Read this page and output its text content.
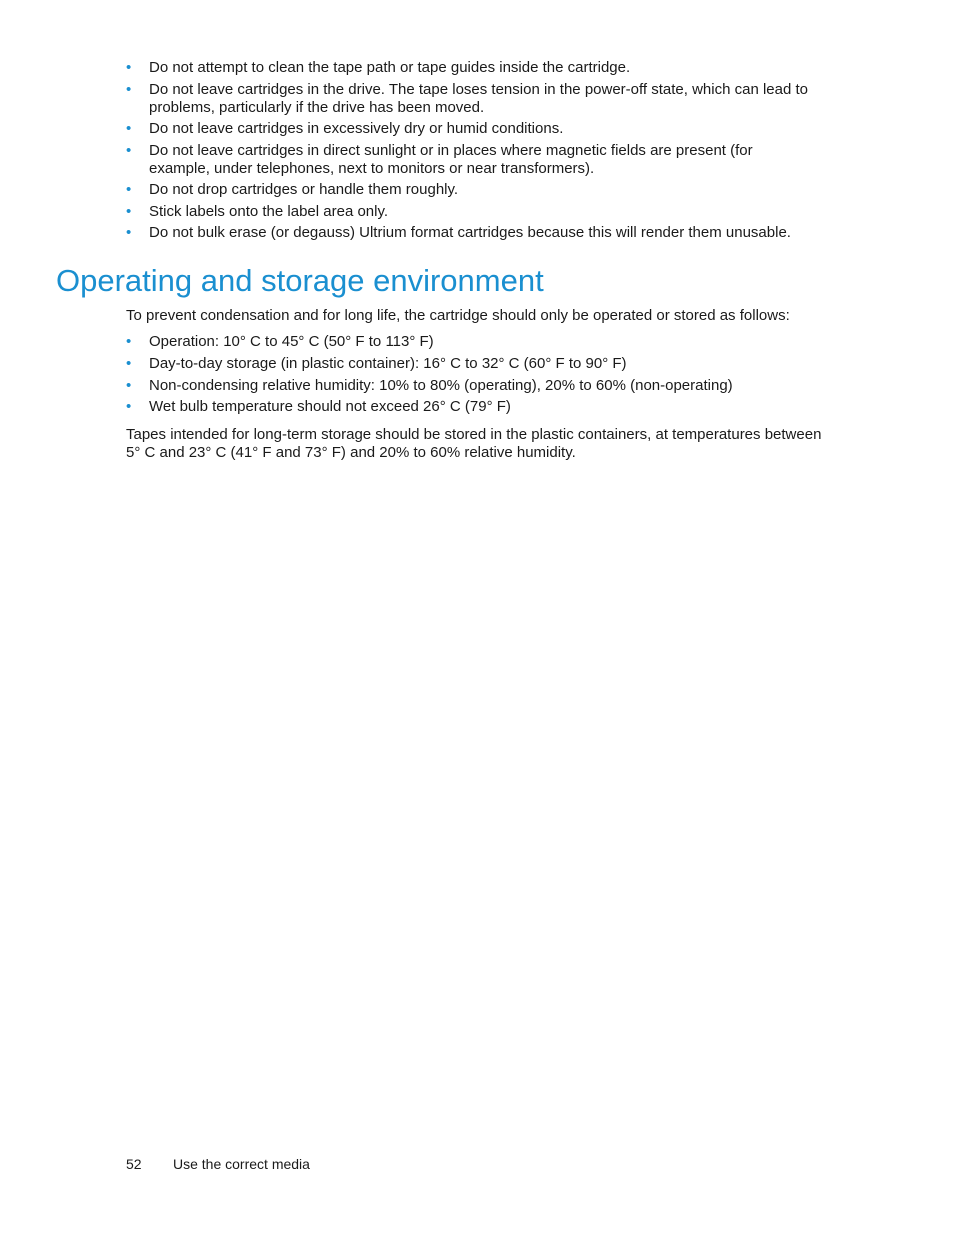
• Do not attempt to clean the tape path or tape guides inside the cartridge.
• Do not leave cartridges in the drive. The tape loses tension in the power-off state, which can lead to problems, particularly if the drive has been moved.
• Do not leave cartridges in excessively dry or humid conditions.
• Do not leave cartridges in direct sunlight or in places where magnetic fields are present (for example, under telephones, next to monitors or near transformers).
• Do not drop cartridges or handle them roughly.
• Stick labels onto the label area only.
• Do not bulk erase (or degauss) Ultrium format cartridges because this will render them unusable.
Operating and storage environment

To prevent condensation and for long life, the cartridge should only be operated or stored as follows:

• Operation: 10° C to 45° C (50° F to 113° F)
• Day-to-day storage (in plastic container): 16° C to 32° C (60° F to 90° F)
• Non-condensing relative humidity: 10% to 80% (operating), 20% to 60% (non-operating)
• Wet bulb temperature should not exceed 26° C (79° F)

Tapes intended for long-term storage should be stored in the plastic containers, at temperatures between 5° C and 23° C (41° F and 73° F) and 20% to 60% relative humidity.

52 Use the correct media
